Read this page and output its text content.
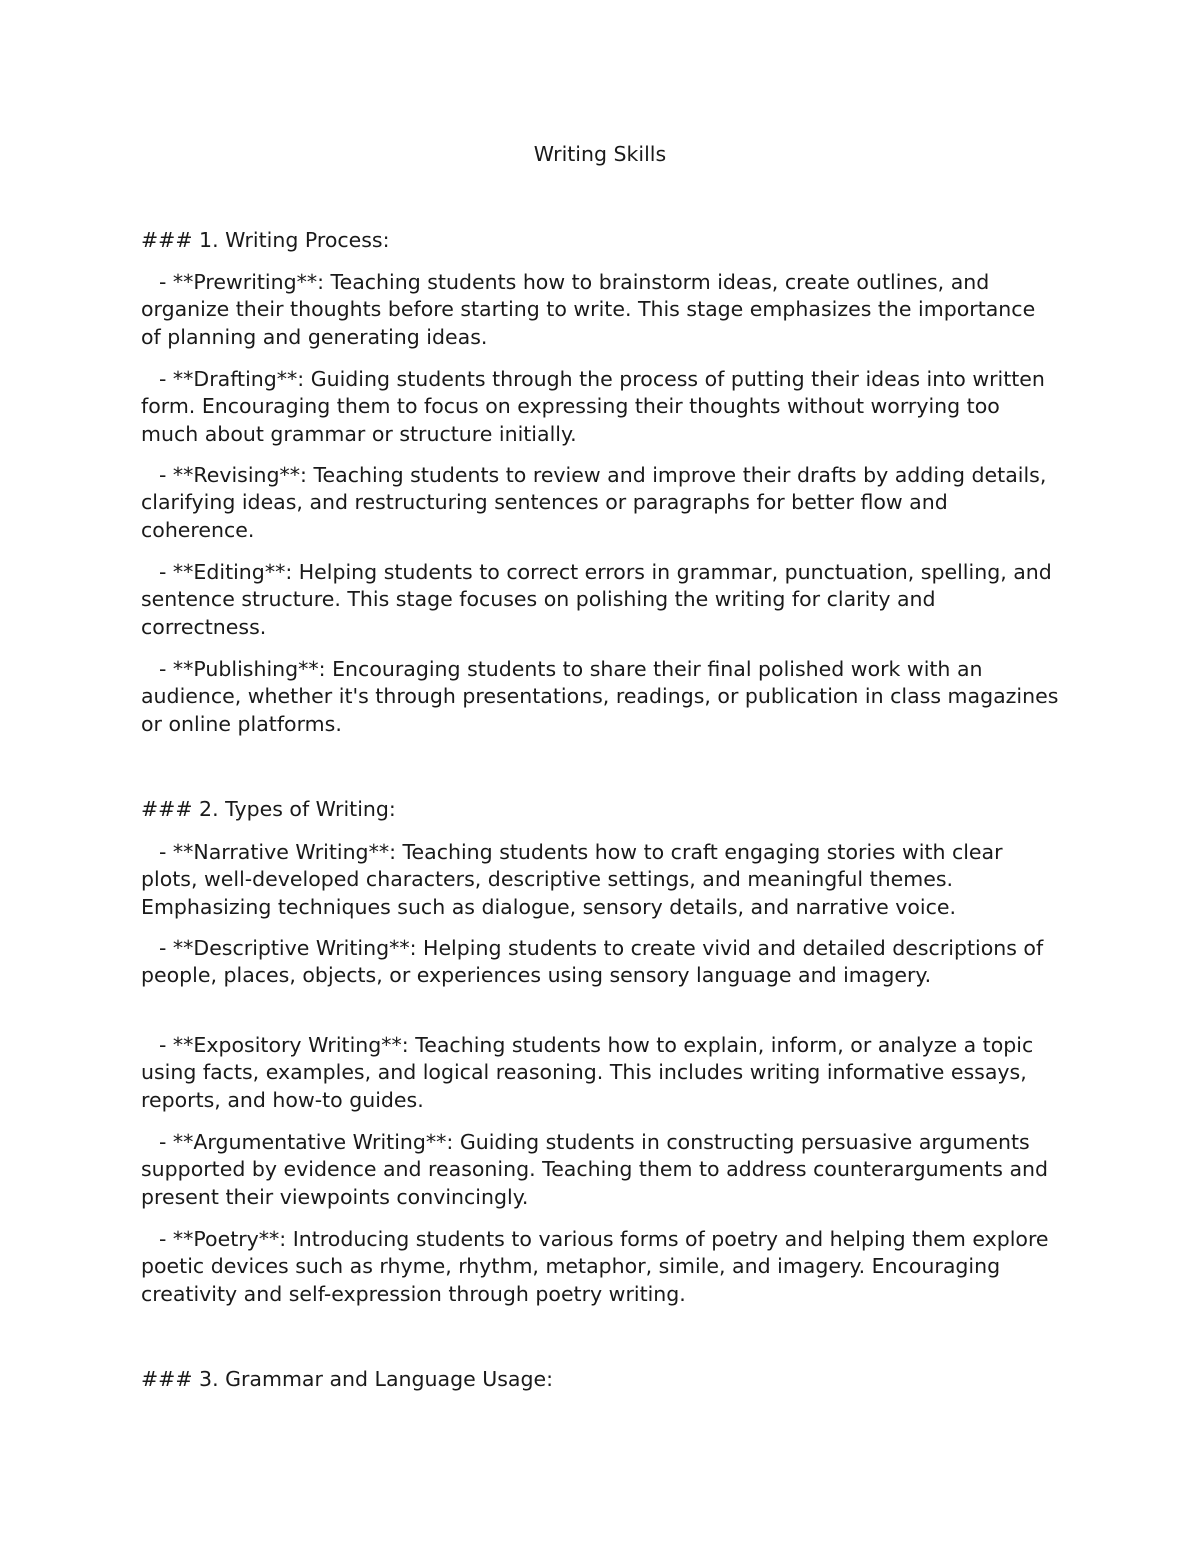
Writing Skills
### 1. Writing Process:

- **Prewriting**: Teaching students how to brainstorm ideas, create outlines, and organize their thoughts before starting to write. This stage emphasizes the importance of planning and generating ideas.

- **Drafting**: Guiding students through the process of putting their ideas into written form. Encouraging them to focus on expressing their thoughts without worrying too much about grammar or structure initially.

- **Revising**: Teaching students to review and improve their drafts by adding details, clarifying ideas, and restructuring sentences or paragraphs for better flow and coherence.

- **Editing**: Helping students to correct errors in grammar, punctuation, spelling, and sentence structure. This stage focuses on polishing the writing for clarity and correctness.

- **Publishing**: Encouraging students to share their final polished work with an audience, whether it's through presentations, readings, or publication in class magazines or online platforms.

### 2. Types of Writing:

- **Narrative Writing**: Teaching students how to craft engaging stories with clear plots, well-developed characters, descriptive settings, and meaningful themes. Emphasizing techniques such as dialogue, sensory details, and narrative voice.

- **Descriptive Writing**: Helping students to create vivid and detailed descriptions of people, places, objects, or experiences using sensory language and imagery.

- **Expository Writing**: Teaching students how to explain, inform, or analyze a topic using facts, examples, and logical reasoning. This includes writing informative essays, reports, and how-to guides.

- **Argumentative Writing**: Guiding students in constructing persuasive arguments supported by evidence and reasoning. Teaching them to address counterarguments and present their viewpoints convincingly.

- **Poetry**: Introducing students to various forms of poetry and helping them explore poetic devices such as rhyme, rhythm, metaphor, simile, and imagery. Encouraging creativity and self-expression through poetry writing.

### 3. Grammar and Language Usage:
